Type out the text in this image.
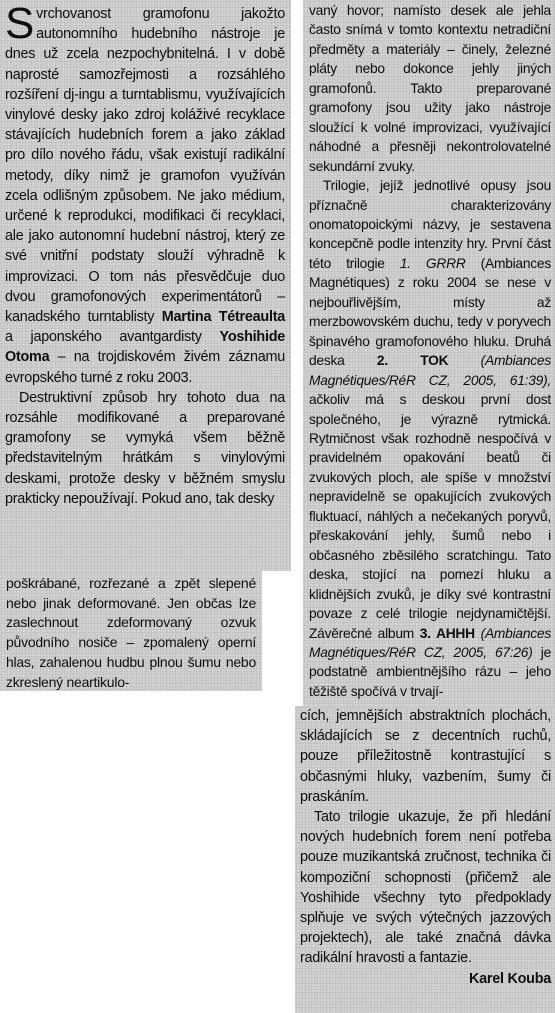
Svrchovanost gramofonu jakožto autonomního hudebního nástroje je dnes už zcela nezpochybnitelná. I v době naprosté samozřejmosti a rozsáhlého rozšíření dj-ingu a turntablismu, využívajících vinylové desky jako zdroj koláživé recyklace stávajících hudebních forem a jako základ pro dílo nového řádu, však existují radikální metody, díky nimž je gramofon využíván zcela odlišným způsobem. Ne jako médium, určené k reprodukci, modifikaci či recyklaci, ale jako autonomní hudební nástroj, který ze své vnitřní podstaty slouží výhradně k improvizaci. O tom nás přesvědčuje duo dvou gramofonových experimentátorů – kanadského turntablisty Martina Tétreaulta a japonského avantgardisty Yoshihide Otoma – na trojdiskovém živém záznamu evropského turné z roku 2003.

Destruktivní způsob hry tohoto dua na rozsáhle modifikované a preparované gramofony se vymyká všem běžně představitelným hrátkám s vinylovými deskami, protože desky v běžném smyslu prakticky nepoužívají. Pokud ano, tak desky

poškrábané, rozřezané a zpět slepené nebo jinak deformované. Jen občas lze zaslechnout zdeformovaný ozvuk původního nosiče – zpomalený operní hlas, zahalenou hudbu plnou šumu nebo zkreslený neartikulo-

vaný hovor; namísto desek ale jehla často snímá v tomto kontextu netradiční předměty a materiály – činely, železné pláty nebo dokonce jehly jiných gramofonů. Takto preparované gramofony jsou užity jako nástroje sloužící k volné improvizaci, využívající náhodné a přesněji nekontrolovatelné sekundární zvuky.

Trilogie, jejíž jednotlivé opusy jsou příznačně charakterizovány onomatopoickými názvy, je sestavena koncepčně podle intenzity hry. První část této trilogie 1. GRRR (Ambiances Magnétiques) z roku 2004 se nese v nejbouřlivějším, místy až merzbowovském duchu, tedy v poryvech špinavého gramofonového hluku. Druhá deska 2. TOK (Ambiances Magnétiques/RéR CZ, 2005, 61:39), ačkoliv má s deskou první dost společného, je výrazně rytmická. Rytmičnost však rozhodně nespočívá v pravidelném opakování beatů či zvukových ploch, ale spíše v množství nepravidelně se opakujících zvukových fluktuací, náhlých a nečekaných poryvů, přeskakování jehly, šumů nebo i občasného zběsilého scratchingu. Tato deska, stojící na pomezí hluku a klidnějších zvuků, je díky své kontrastní povaze z celé trilogie nejdynamičtější. Závěrečné album 3. AHHH (Ambiances Magnétiques/RéR CZ, 2005, 67:26) je podstatně ambientnějšího rázu – jeho těžiště spočívá v trvají-

cích, jemnějších abstraktních plochách, skládajících se z decentních ruchů, pouze příležitostně kontrastující s občasnými hluky, vazbením, šumy či praskáním.

Tato trilogie ukazuje, že při hledání nových hudebních forem není potřeba pouze muzikantská zručnost, technika či kompoziční schopnosti (přičemž ale Yoshihide všechny tyto předpoklady splňuje ve svých výtečných jazzových projektech), ale také značná dávka radikální hravosti a fantazie.
Karel Kouba
